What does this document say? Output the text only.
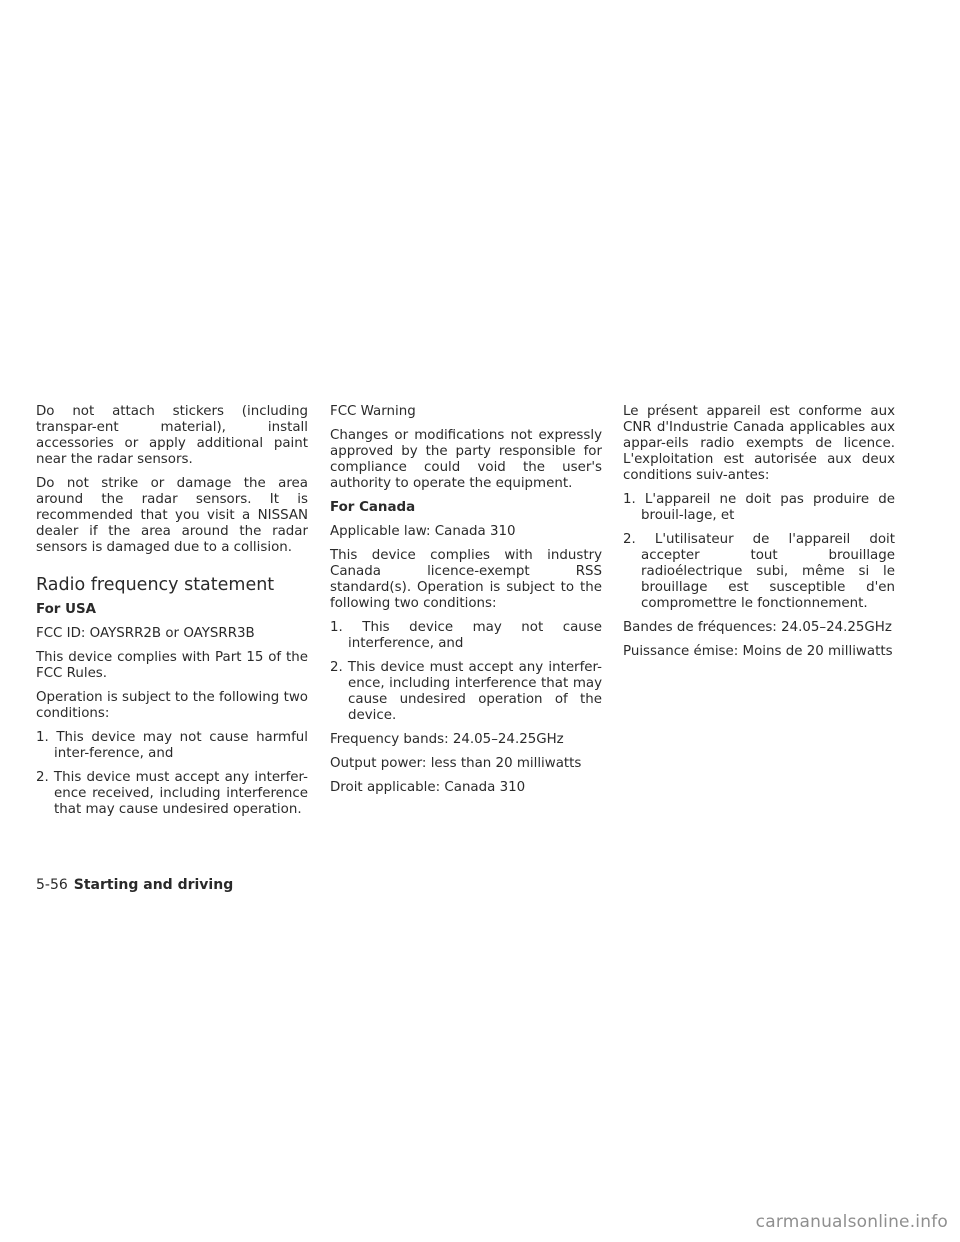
Do not attach stickers (including transpar-ent material), install accessories or apply additional paint near the radar sensors.

Do not strike or damage the area around the radar sensors. It is recommended that you visit a NISSAN dealer if the area around the radar sensors is damaged due to a collision.

Radio frequency statement

For USA

FCC ID: OAYSRR2B or OAYSRR3B

This device complies with Part 15 of the FCC Rules.

Operation is subject to the following two conditions:

1. This device may not cause harmful inter-ference, and

2. This device must accept any interfer-ence received, including interference that may cause undesired operation.

FCC Warning

Changes or modifications not expressly approved by the party responsible for compliance could void the user's authority to operate the equipment.

For Canada

Applicable law: Canada 310

This device complies with industry Canada licence-exempt RSS standard(s). Operation is subject to the following two conditions:

1. This device may not cause interference, and

2. This device must accept any interfer-ence, including interference that may cause undesired operation of the device.

Frequency bands: 24.05–24.25GHz

Output power: less than 20 milliwatts

Droit applicable: Canada 310

Le présent appareil est conforme aux CNR d'Industrie Canada applicables aux appar-eils radio exempts de licence. L'exploitation est autorisée aux deux conditions suiv-antes:

1. L'appareil ne doit pas produire de brouil-lage, et

2. L'utilisateur de l'appareil doit accepter tout brouillage radioélectrique subi, même si le brouillage est susceptible d'en compromettre le fonctionnement.

Bandes de fréquences: 24.05–24.25GHz

Puissance émise: Moins de 20 milliwatts

5-56 Starting and driving
carmanualsonline.info
